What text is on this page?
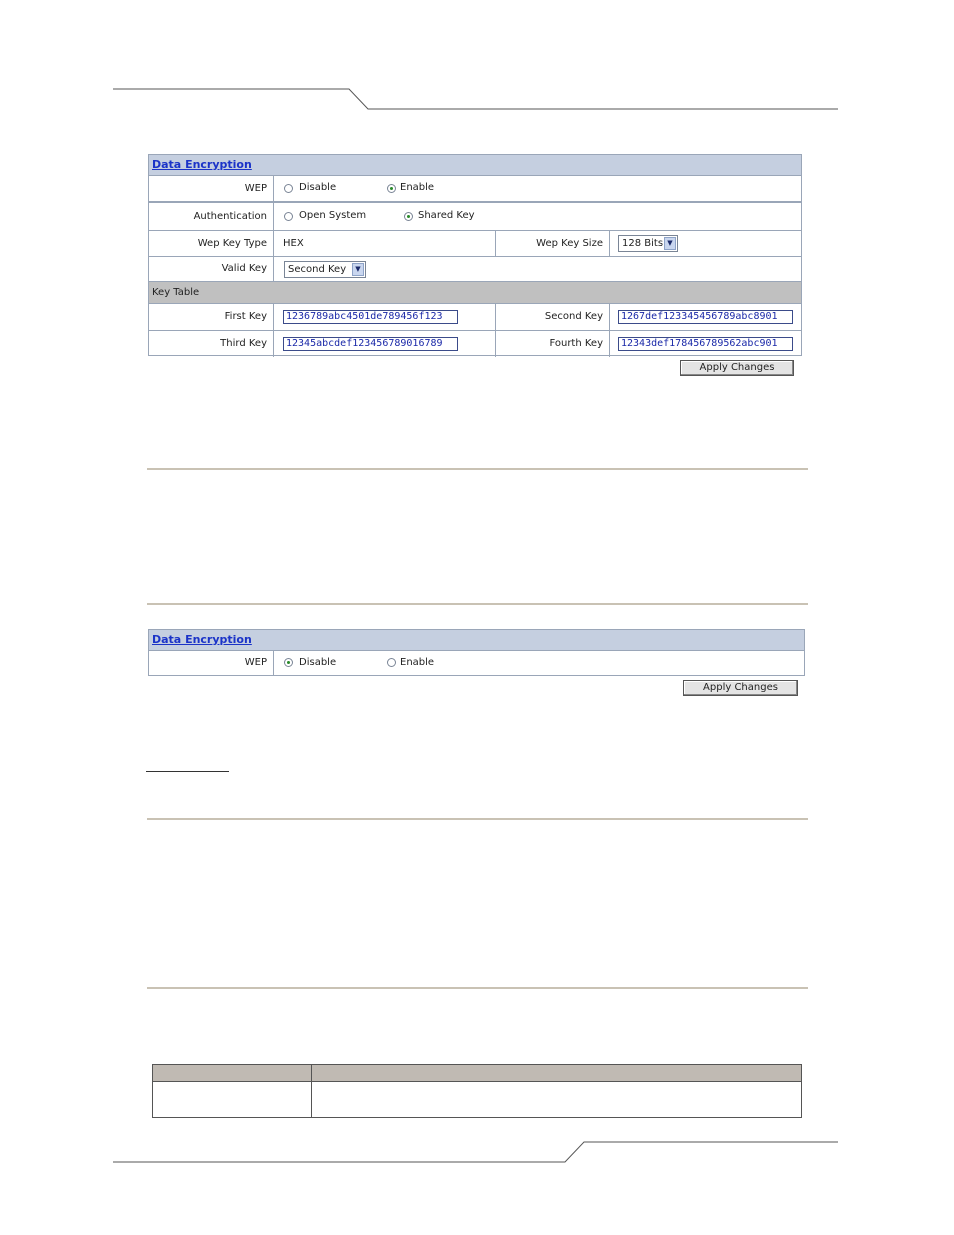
Data Encryption
WEP	Disable	Enable
Authentication	Open System	Shared Key
Wep Key Type	HEX	Wep Key Size	128 Bits ▼
Valid Key	Second Key	▼
Key Table
First Key	1236789abc4501de789456f123	Second Key	1267def123345456789abc8901
Third Key	12345abcdef123456789016789	Fourth Key	12343def178456789562abc901
Apply Changes
Data Encryption
WEP	Disable	Enable
Apply Changes
